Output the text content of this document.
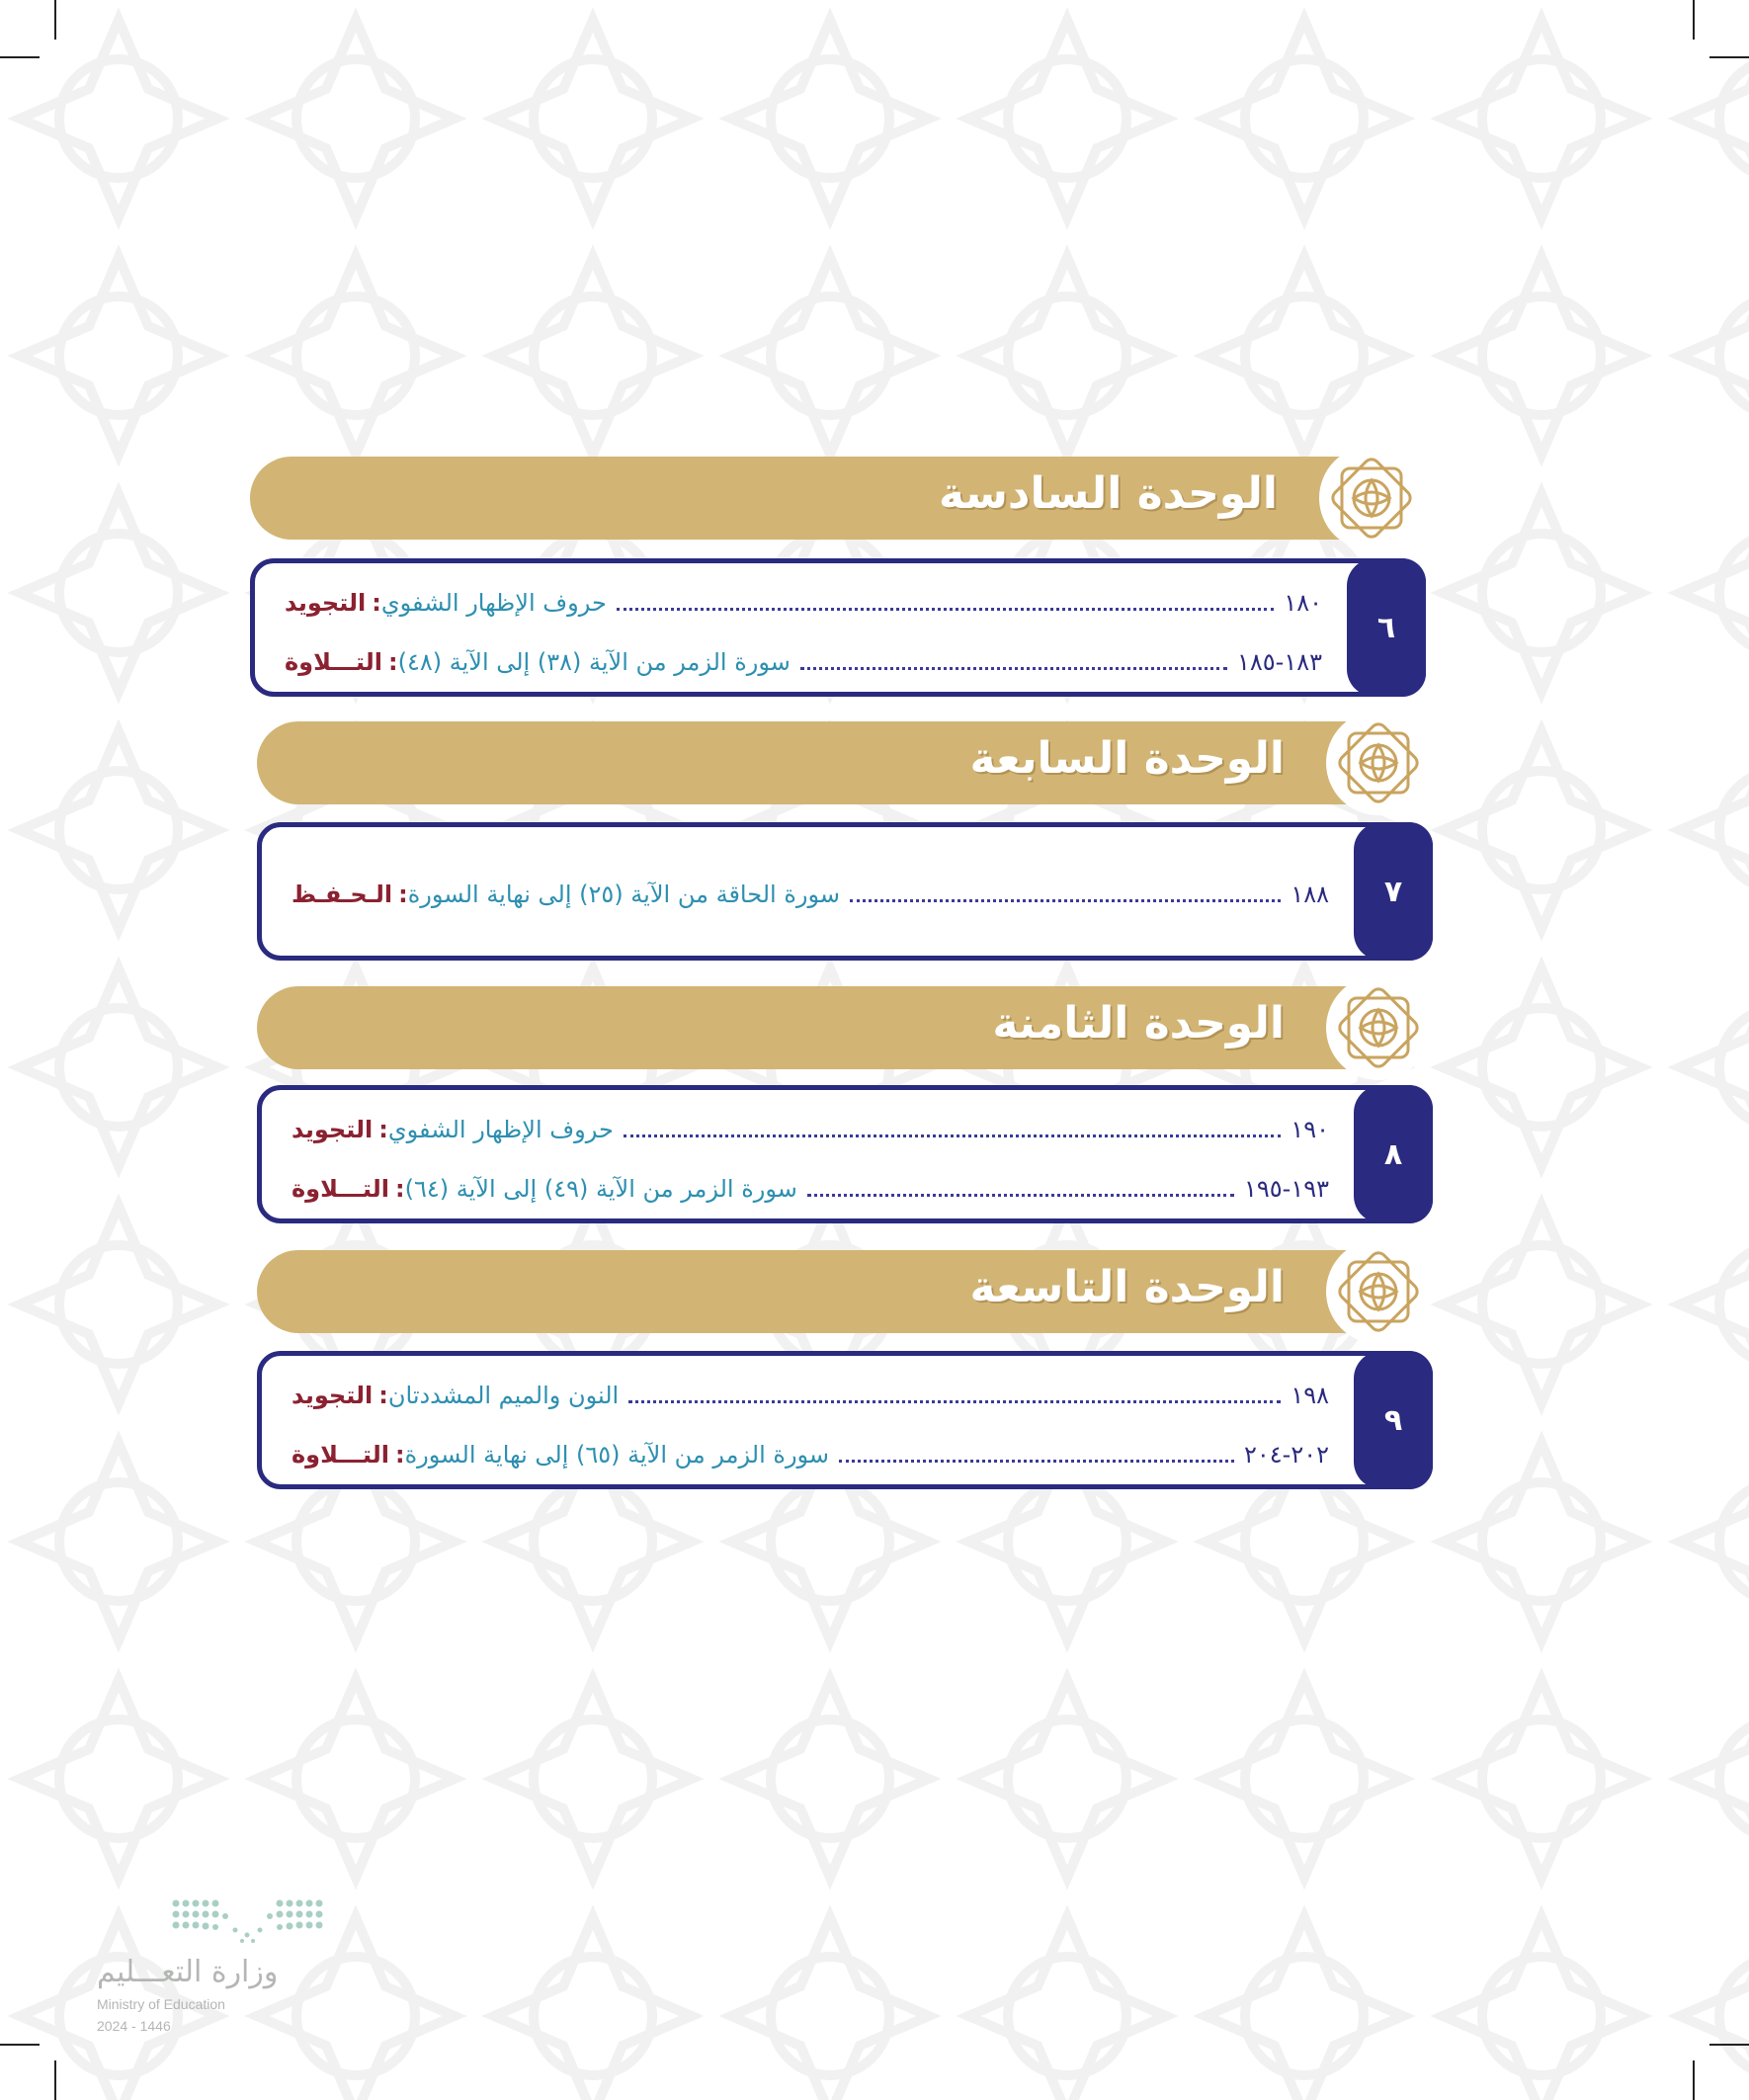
الوحدة السادسة
٦
التجويد : حروف الإظهار الشفوي	١٨٠
التـــلاوة : سورة الزمر من الآية (٣٨) إلى الآية (٤٨)	١٨٣-١٨٥
الوحدة السابعة
٧
الـحـفـظ : سورة الحاقة من الآية (٢٥) إلى نهاية السورة	١٨٨
الوحدة الثامنة
٨
التجويد : حروف الإظهار الشفوي	١٩٠
التـــلاوة : سورة الزمر من الآية (٤٩) إلى الآية (٦٤)	١٩٣-١٩٥
الوحدة التاسعة
٩
التجويد : النون والميم المشددتان	١٩٨
التـــلاوة : سورة الزمر من الآية (٦٥) إلى نهاية السورة	٢٠٢-٢٠٤
وزارة التعـــليم
Ministry of Education
2024 - 1446
